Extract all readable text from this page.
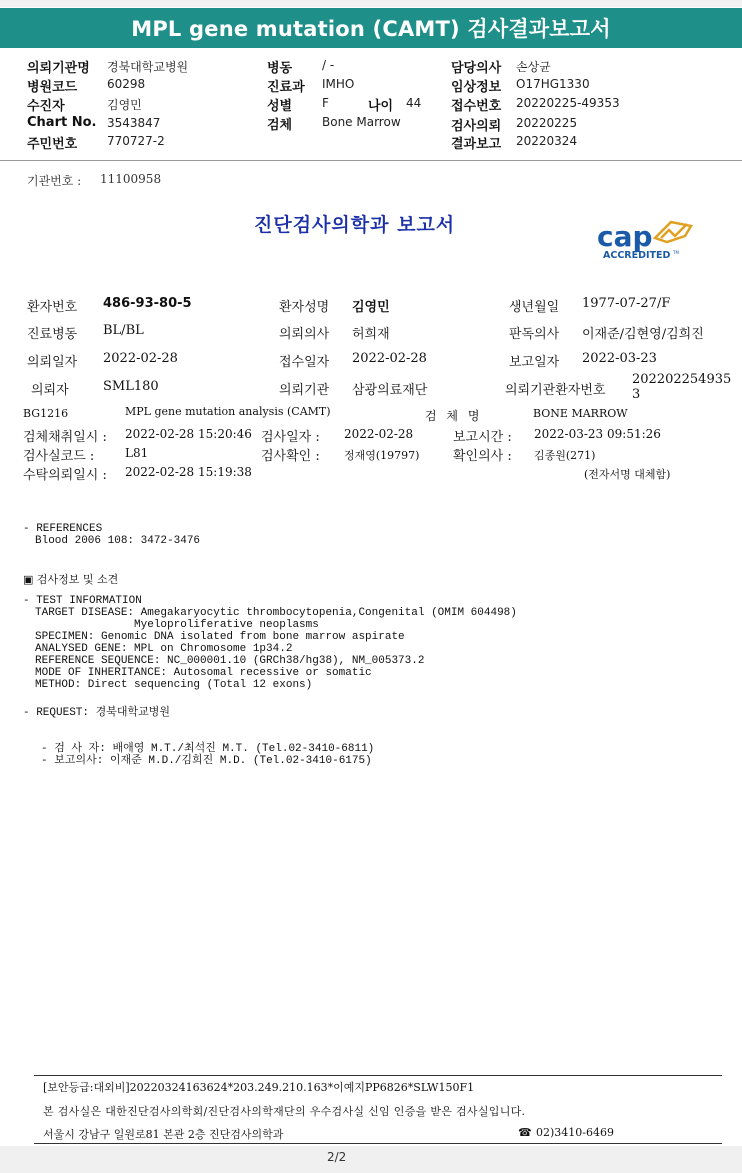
MPL gene mutation (CAMT) 검사결과보고서
의뢰기관명 경북대학교병원
병원코드 60298
수진자	김영민
Chart No. 3543847
주민번호 770727-2
병동 / -
진료과 IMHO
성별 F	나이 44
검체 Bone Marrow
담당의사 손상균
임상정보 O17HG1330
접수번호 20220225-49353
검사의뢰 20220225
결과보고 20220324
기관번호 : 11100958
진단검사의학과 보고서	cap
ACCREDITED TM
환자번호 486-93-80-5	환자성명 김영민	생년월일 1977-07-27/F
진료병동 BL/BL	의뢰의사 허희재	판독의사 이재준/김현영/김희진
의뢰일자 2022-02-28	접수일자 2022-02-28	보고일자 2022-03-23
의뢰자	SML180	의뢰기관 삼광의료재단	의뢰기관환자번호
202202254935
3
BG1216	MPL gene mutation analysis (CAMT)	검 체 명	BONE MARROW
검체채취일시 : 2022-02-28 15:20:46 검사일자 : 2022-02-28	보고시간 : 2022-03-23 09:51:26
검사실코드 :	L81	검사확인 : 정재영(19797)	확인의사 : 김종원(271)
수탁의뢰일시 : 2022-02-28 15:19:38	(전자서명 대체함)
- REFERENCES
Blood 2006 108: 3472-3476
▣ 검사정보 및 소견
- TEST INFORMATION
TARGET DISEASE: Amegakaryocytic thrombocytopenia,Congenital (OMIM 604498)
Myeloproliferative neoplasms
SPECIMEN: Genomic DNA isolated from bone marrow aspirate
ANALYSED GENE: MPL on Chromosome 1p34.2
REFERENCE SEQUENCE: NC_000001.10 (GRCh38/hg38), NM_005373.2
MODE OF INHERITANCE: Autosomal recessive or somatic
METHOD: Direct sequencing (Total 12 exons)
- REQUEST: 경북대학교병원
- 검 사 자: 배애영 M.T./최석진 M.T. (Tel.02-3410-6811)
- 보고의사: 이재준 M.D./김희진 M.D. (Tel.02-3410-6175)
[보안등급:대외비]20220324163624*203.249.210.163*이예지PP6826*SLW150F1
본 검사실은 대한진단검사의학회/진단검사의학재단의 우수검사실 신임 인증을 받은 검사실입니다.
서울시 강남구 일원로81 본관 2층 진단검사의학과	☎ 02)3410-6469
2/2
